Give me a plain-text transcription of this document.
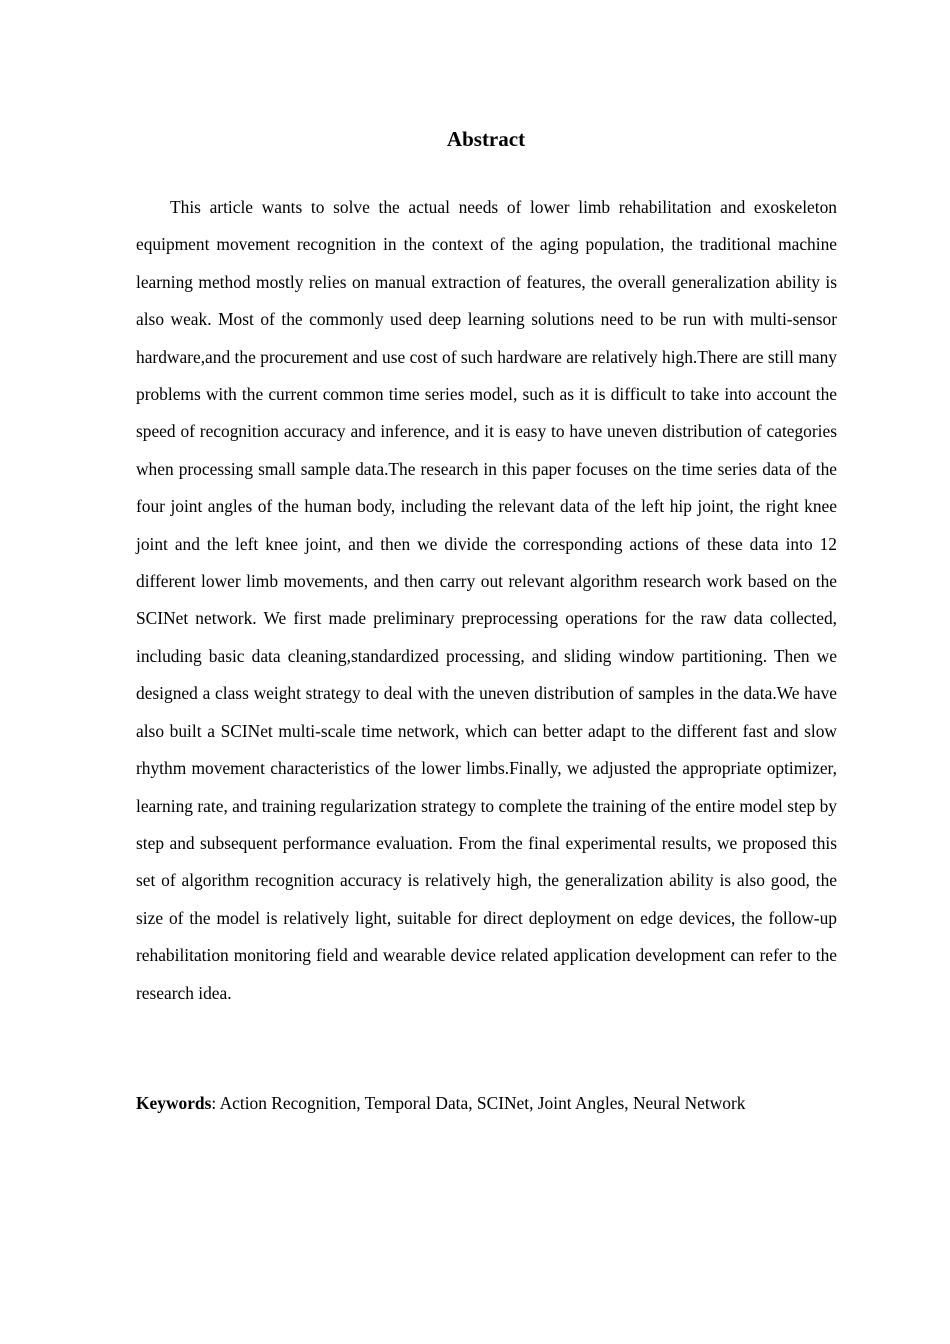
Abstract

This article wants to solve the actual needs of lower limb rehabilitation and exoskeleton equipment movement recognition in the context of the aging population, the traditional machine learning method mostly relies on manual extraction of features, the overall generalization ability is also weak. Most of the commonly used deep learning solutions need to be run with multi-sensor hardware,and the procurement and use cost of such hardware are relatively high.There are still many problems with the current common time series model, such as it is difficult to take into account the speed of recognition accuracy and inference, and it is easy to have uneven distribution of categories when processing small sample data.The research in this paper focuses on the time series data of the four joint angles of the human body, including the relevant data of the left hip joint, the right knee joint and the left knee joint, and then we divide the corresponding actions of these data into 12 different lower limb movements, and then carry out relevant algorithm research work based on the SCINet network. We first made preliminary preprocessing operations for the raw data collected, including basic data cleaning,standardized processing, and sliding window partitioning. Then we designed a class weight strategy to deal with the uneven distribution of samples in the data.We have also built a SCINet multi-scale time network, which can better adapt to the different fast and slow rhythm movement characteristics of the lower limbs.Finally, we adjusted the appropriate optimizer, learning rate, and training regularization strategy to complete the training of the entire model step by step and subsequent performance evaluation. From the final experimental results, we proposed this set of algorithm recognition accuracy is relatively high, the generalization ability is also good, the size of the model is relatively light, suitable for direct deployment on edge devices, the follow-up rehabilitation monitoring field and wearable device related application development can refer to the research idea.

Keywords: Action Recognition, Temporal Data, SCINet, Joint Angles, Neural Network
